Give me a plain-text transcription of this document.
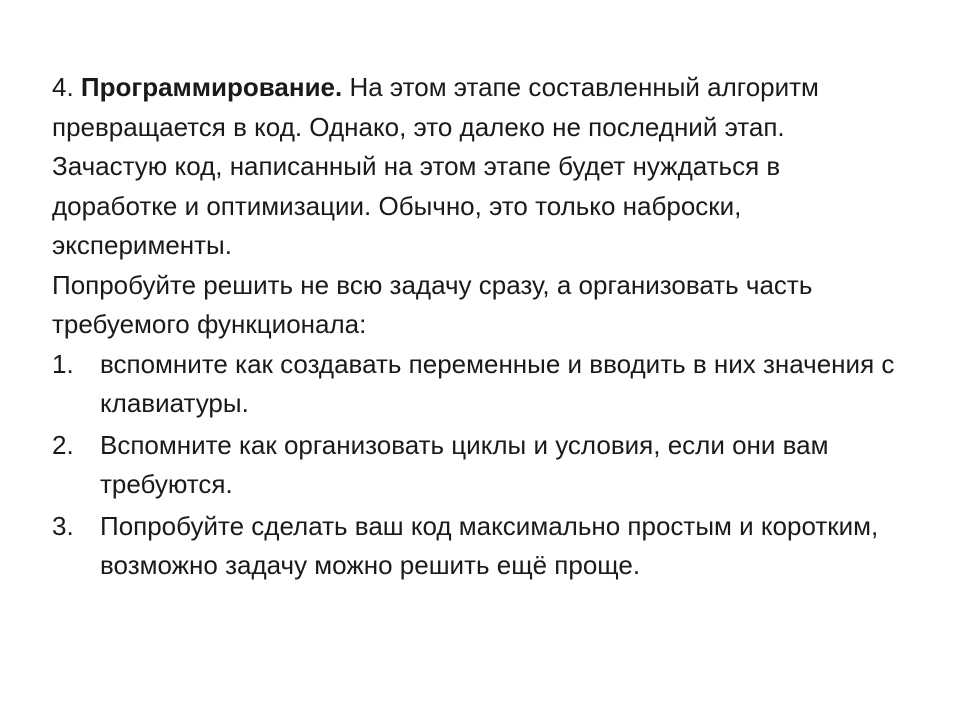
4. Программирование. На этом этапе составленный алгоритм превращается в код. Однако, это далеко не последний этап.

Зачастую код, написанный на этом этапе будет нуждаться в доработке и оптимизации. Обычно, это только наброски, эксперименты.

Попробуйте решить не всю задачу сразу, а организовать часть требуемого функционала:

1.	вспомните как создавать переменные и вводить в них значения с клавиатуры.
2.	Вспомните как организовать циклы и условия, если они вам требуются.
3.	Попробуйте сделать ваш код максимально простым и коротким, возможно задачу можно решить ещё проще.
